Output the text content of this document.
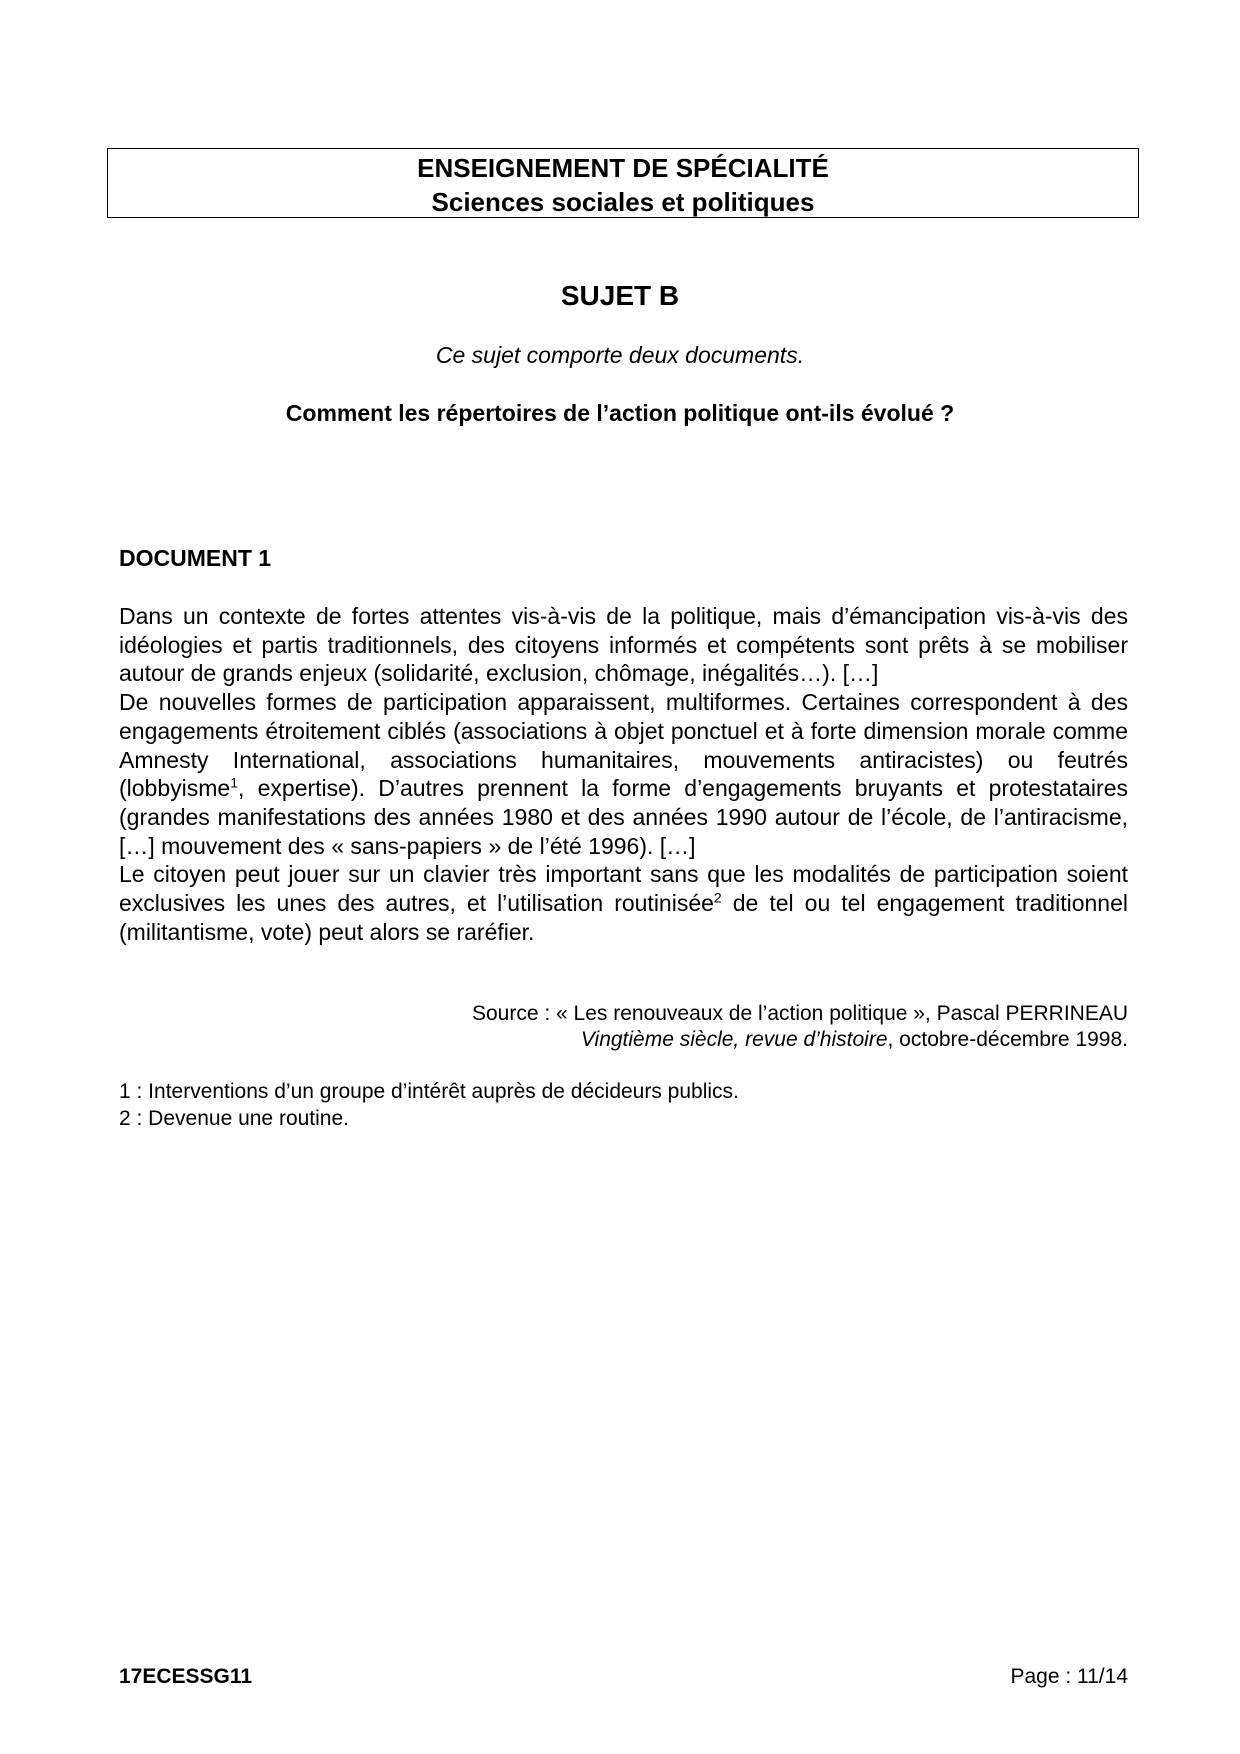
ENSEIGNEMENT DE SPÉCIALITÉ
Sciences sociales et politiques
SUJET B
Ce sujet comporte deux documents.
Comment les répertoires de l’action politique ont-ils évolué ?
DOCUMENT 1

Dans un contexte de fortes attentes vis-à-vis de la politique, mais d’émancipation vis-à-vis des idéologies et partis traditionnels, des citoyens informés et compétents sont prêts à se mobiliser autour de grands enjeux (solidarité, exclusion, chômage, inégalités…). […]

De nouvelles formes de participation apparaissent, multiformes. Certaines correspondent à des engagements étroitement ciblés (associations à objet ponctuel et à forte dimension morale comme Amnesty International, associations humanitaires, mouvements antiracistes) ou feutrés (lobbyisme$^1$, expertise). D’autres prennent la forme d’engagements bruyants et protestataires (grandes manifestations des années 1980 et des années 1990 autour de l’école, de l’antiracisme, […] mouvement des « sans-papiers » de l’été 1996). […]

Le citoyen peut jouer sur un clavier très important sans que les modalités de participation soient exclusives les unes des autres, et l’utilisation routinisée$^2$ de tel ou tel engagement traditionnel (militantisme, vote) peut alors se raréfier.

Source : « Les renouveaux de l’action politique », Pascal PERRINEAU
Vingtième siècle, revue d’histoire, octobre-décembre 1998.
1 : Interventions d’un groupe d’intérêt auprès de décideurs publics.
2 : Devenue une routine.
17ECESSG11	Page : 11/14
